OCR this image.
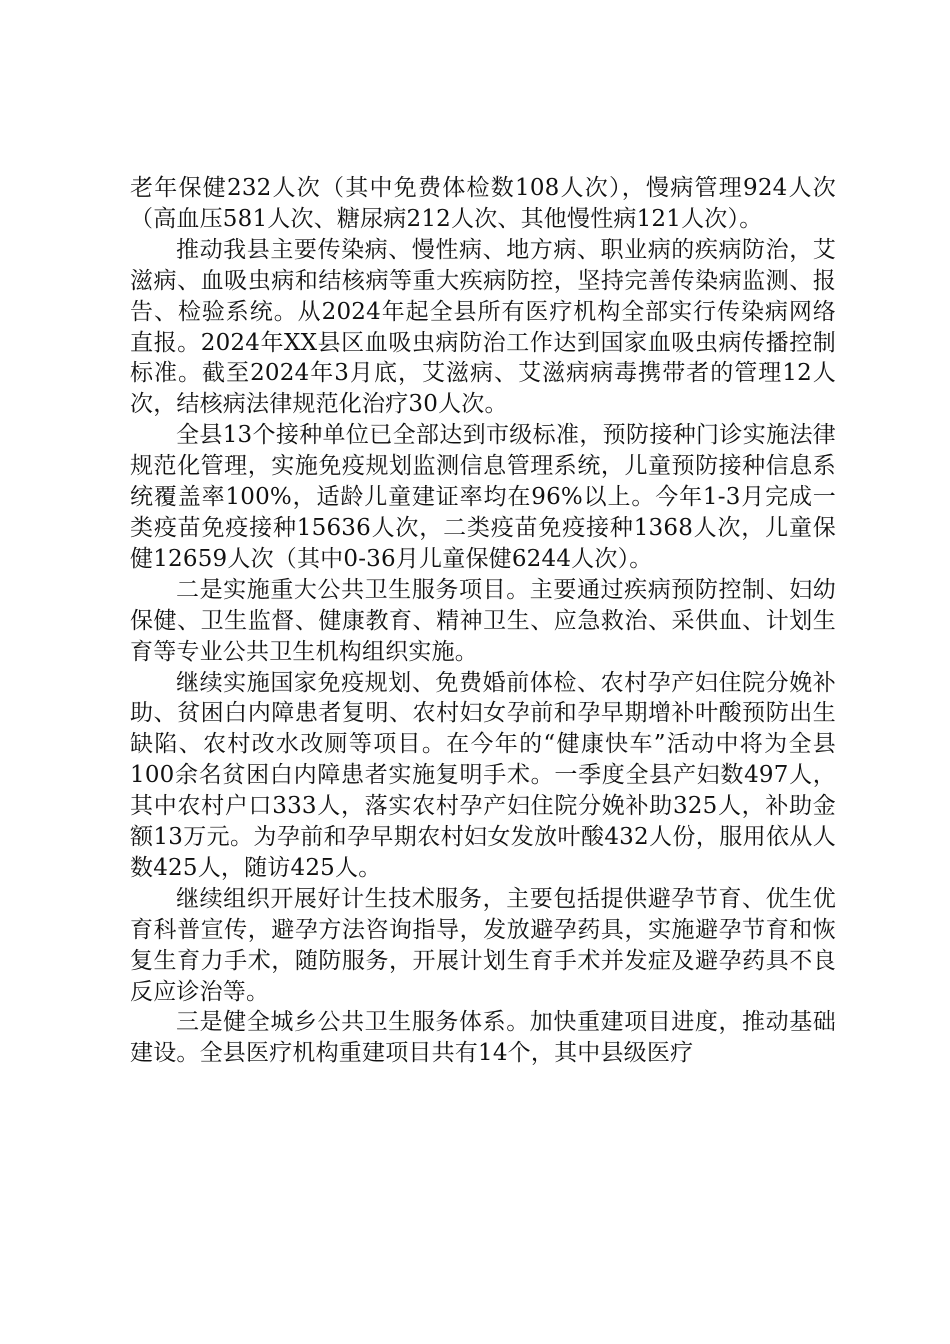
老年保健232人次（其中免费体检数108人次），慢病管理924人次（高血压581人次、糖尿病212人次、其他慢性病121人次）。

推动我县主要传染病、慢性病、地方病、职业病的疾病防治，艾滋病、血吸虫病和结核病等重大疾病防控，坚持完善传染病监测、报告、检验系统。从2024年起全县所有医疗机构全部实行传染病网络直报。2024年XX县区血吸虫病防治工作达到国家血吸虫病传播控制标准。截至2024年3月底，艾滋病、艾滋病病毒携带者的管理12人次，结核病法律规范化治疗30人次。

全县13个接种单位已全部达到市级标准，预防接种门诊实施法律规范化管理，实施免疫规划监测信息管理系统，儿童预防接种信息系统覆盖率100%，适龄儿童建证率均在96%以上。今年1-3月完成一类疫苗免疫接种15636人次，二类疫苗免疫接种1368人次，儿童保健12659人次（其中0-36月儿童保健6244人次）。

二是实施重大公共卫生服务项目。主要通过疾病预防控制、妇幼保健、卫生监督、健康教育、精神卫生、应急救治、采供血、计划生育等专业公共卫生机构组织实施。

继续实施国家免疫规划、免费婚前体检、农村孕产妇住院分娩补助、贫困白内障患者复明、农村妇女孕前和孕早期增补叶酸预防出生缺陷、农村改水改厕等项目。在今年的“健康快车”活动中将为全县100余名贫困白内障患者实施复明手术。一季度全县产妇数497人，其中农村户口333人，落实农村孕产妇住院分娩补助325人，补助金额13万元。为孕前和孕早期农村妇女发放叶酸432人份，服用依从人数425人，随访425人。

继续组织开展好计生技术服务，主要包括提供避孕节育、优生优育科普宣传，避孕方法咨询指导，发放避孕药具，实施避孕节育和恢复生育力手术，随防服务，开展计划生育手术并发症及避孕药具不良反应诊治等。

三是健全城乡公共卫生服务体系。加快重建项目进度，推动基础建设。全县医疗机构重建项目共有14个，其中县级医疗
